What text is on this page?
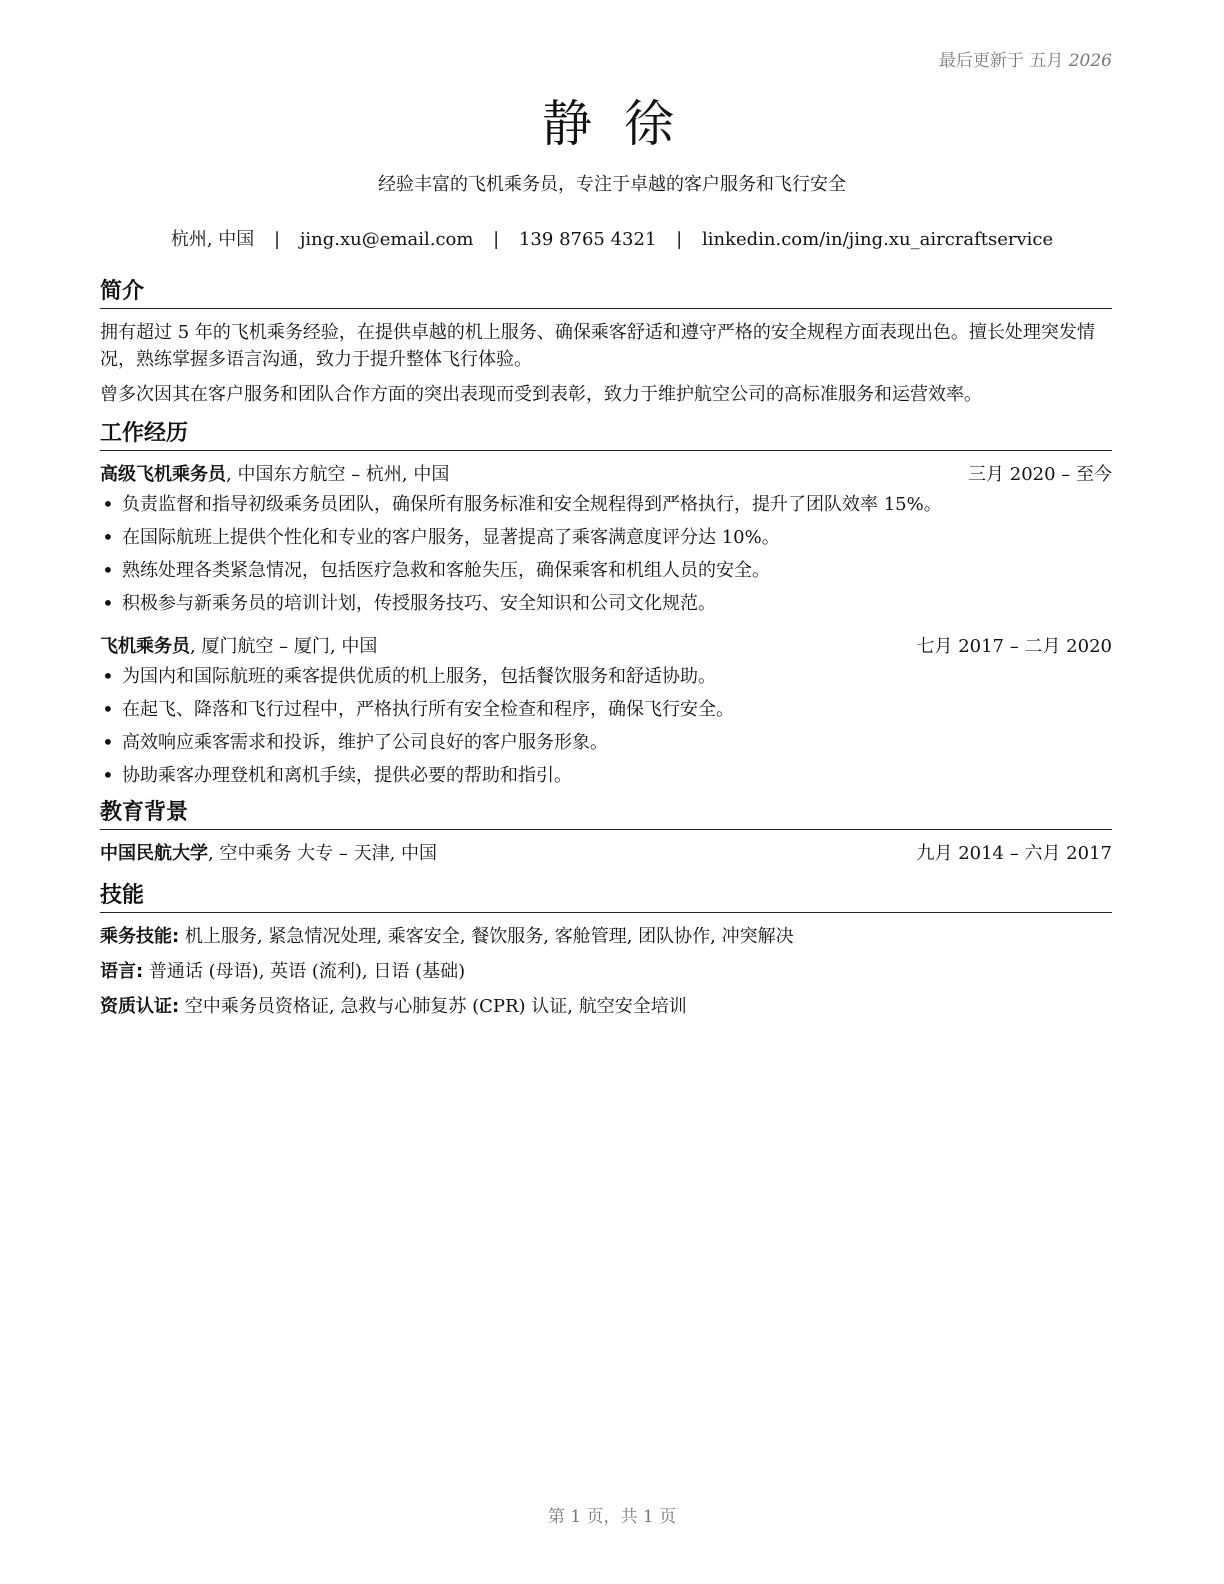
最后更新于 五月 2026
静 徐
经验丰富的飞机乘务员，专注于卓越的客户服务和飞行安全
杭州, 中国 | jing.xu@email.com | 139 8765 4321 | linkedin.com/in/jing.xu_aircraftservice
简介

拥有超过 5 年的飞机乘务经验，在提供卓越的机上服务、确保乘客舒适和遵守严格的安全规程方面表现出色。擅长处理突发情况，熟练掌握多语言沟通，致力于提升整体飞行体验。

曾多次因其在客户服务和团队合作方面的突出表现而受到表彰，致力于维护航空公司的高标准服务和运营效率。

工作经历
高级飞机乘务员, 中国东方航空 – 杭州, 中国	三月 2020 – 至今
• 负责监督和指导初级乘务员团队，确保所有服务标准和安全规程得到严格执行，提升了团队效率 15%。
• 在国际航班上提供个性化和专业的客户服务，显著提高了乘客满意度评分达 10%。
• 熟练处理各类紧急情况，包括医疗急救和客舱失压，确保乘客和机组人员的安全。
• 积极参与新乘务员的培训计划，传授服务技巧、安全知识和公司文化规范。
飞机乘务员, 厦门航空 – 厦门, 中国	七月 2017 – 二月 2020
• 为国内和国际航班的乘客提供优质的机上服务，包括餐饮服务和舒适协助。
• 在起飞、降落和飞行过程中，严格执行所有安全检查和程序，确保飞行安全。
• 高效响应乘客需求和投诉，维护了公司良好的客户服务形象。
• 协助乘客办理登机和离机手续，提供必要的帮助和指引。
教育背景
中国民航大学, 空中乘务 大专 – 天津, 中国	九月 2014 – 六月 2017
技能
乘务技能: 机上服务, 紧急情况处理, 乘客安全, 餐饮服务, 客舱管理, 团队协作, 冲突解决
语言: 普通话 (母语), 英语 (流利), 日语 (基础)
资质认证: 空中乘务员资格证, 急救与心肺复苏 (CPR) 认证, 航空安全培训
第 1 页，共 1 页
